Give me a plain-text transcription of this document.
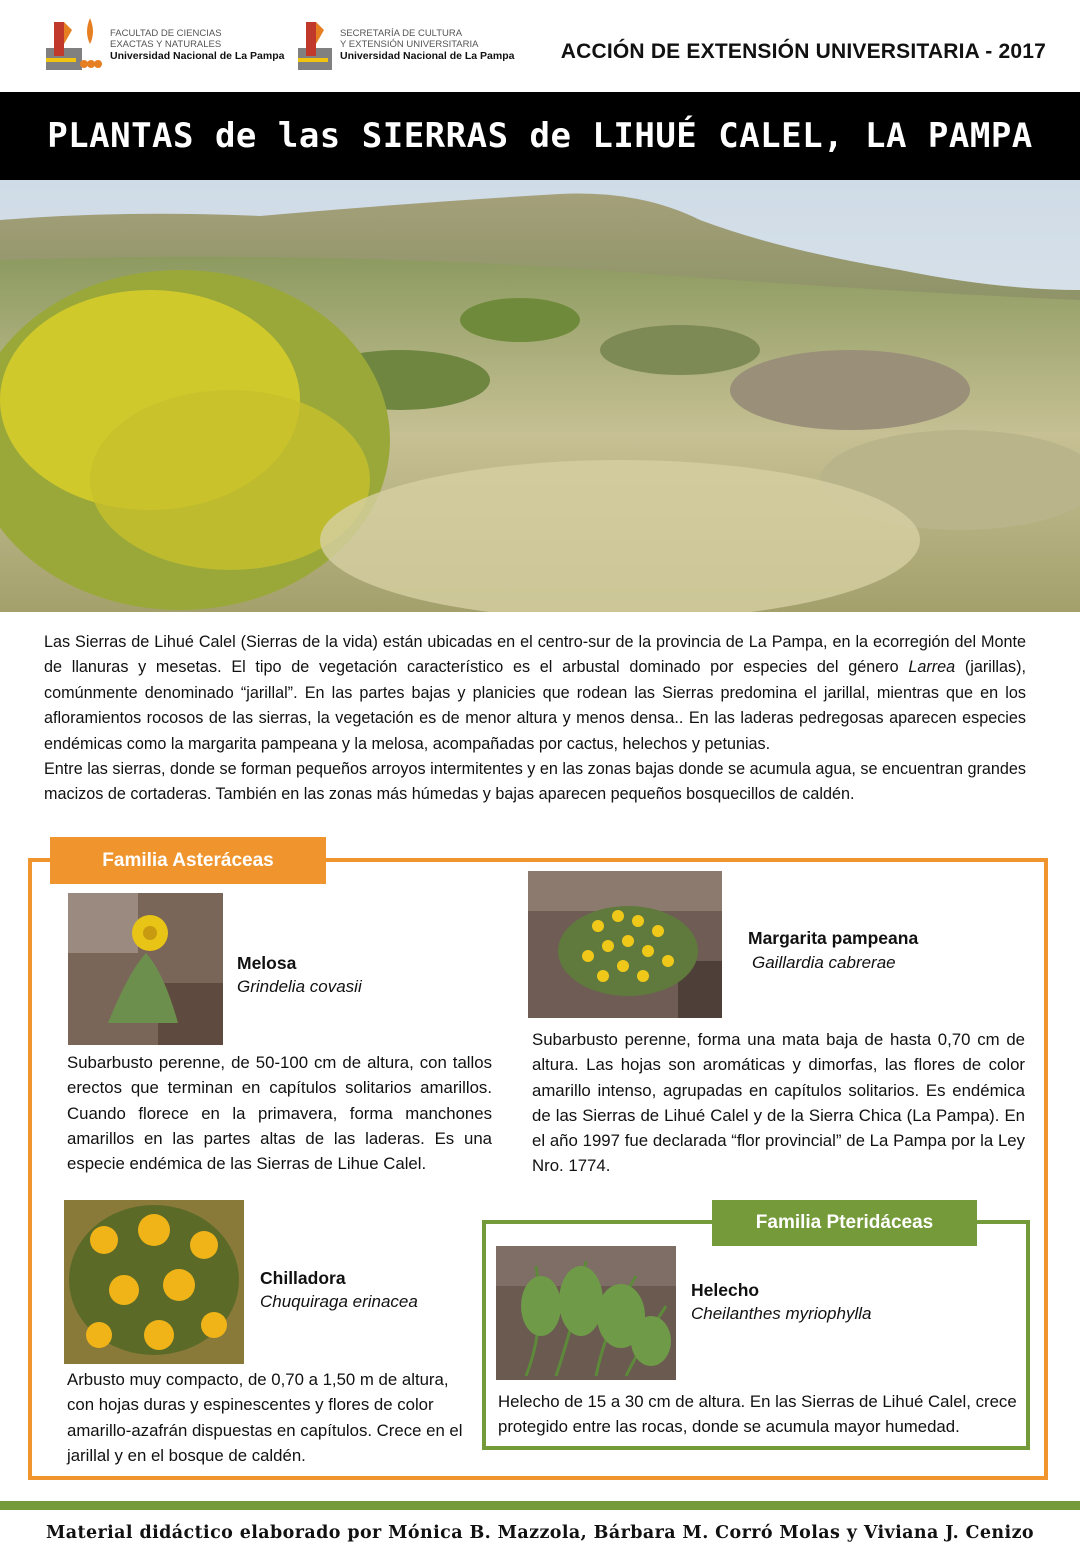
FACULTAD DE CIENCIAS
EXACTAS Y NATURALES
Universidad Nacional de La Pampa
SECRETARÍA DE CULTURA
Y EXTENSIÓN UNIVERSITARIA
Universidad Nacional de La Pampa ACCIÓN DE EXTENSIÓN UNIVERSITARIA - 2017
PLANTAS de las SIERRAS de LIHUÉ CALEL, LA PAMPA

Las Sierras de Lihué Calel (Sierras de la vida) están ubicadas en el centro-sur de la provincia de La Pampa, en la ecorregión del Monte de llanuras y mesetas. El tipo de vegetación característico es el arbustal dominado por especies del género Larrea (jarillas), comúnmente denominado “jarillal”. En las partes bajas y planicies que rodean las Sierras predomina el jarillal, mientras que en los afloramientos rocosos de las sierras, la vegetación es de menor altura y menos densa.. En las laderas pedregosas aparecen especies endémicas como la margarita pampeana y la melosa, acompañadas por cactus, helechos y petunias.

Entre las sierras, donde se forman pequeños arroyos intermitentes y en las zonas bajas donde se acumula agua, se encuentran grandes macizos de cortaderas. También en las zonas más húmedas y bajas aparecen pequeños bosquecillos de caldén.

Familia Asteráceas
Melosa
Grindelia covasii
Subarbusto perenne, de 50-100 cm de altura, con tallos erectos que terminan en capítulos solitarios amarillos. Cuando florece en la primavera, forma manchones amarillos en las partes altas de las laderas. Es una especie endémica de las Sierras de Lihue Calel.
Margarita pampeana
Gaillardia cabrerae
Subarbusto perenne, forma una mata baja de hasta 0,70 cm de altura. Las hojas son aromáticas y dimorfas, las flores de color amarillo intenso, agrupadas en capítulos solitarios. Es endémica de las Sierras de Lihué Calel y de la Sierra Chica (La Pampa). En el año 1997 fue declarada “flor provincial” de La Pampa por la Ley Nro. 1774.
Chilladora
Chuquiraga erinacea
Arbusto muy compacto, de 0,70 a 1,50 m de altura, con hojas duras y espinescentes y flores de color amarillo-azafrán dispuestas en capítulos. Crece en el jarillal y en el bosque de caldén.
Familia Pteridáceas
Helecho
Cheilanthes myriophylla
Helecho de 15 a 30 cm de altura. En las Sierras de Lihué Calel, crece protegido entre las rocas, donde se acumula mayor humedad.
Material didáctico elaborado por Mónica B. Mazzola, Bárbara M. Corró Molas y Viviana J. Cenizo
